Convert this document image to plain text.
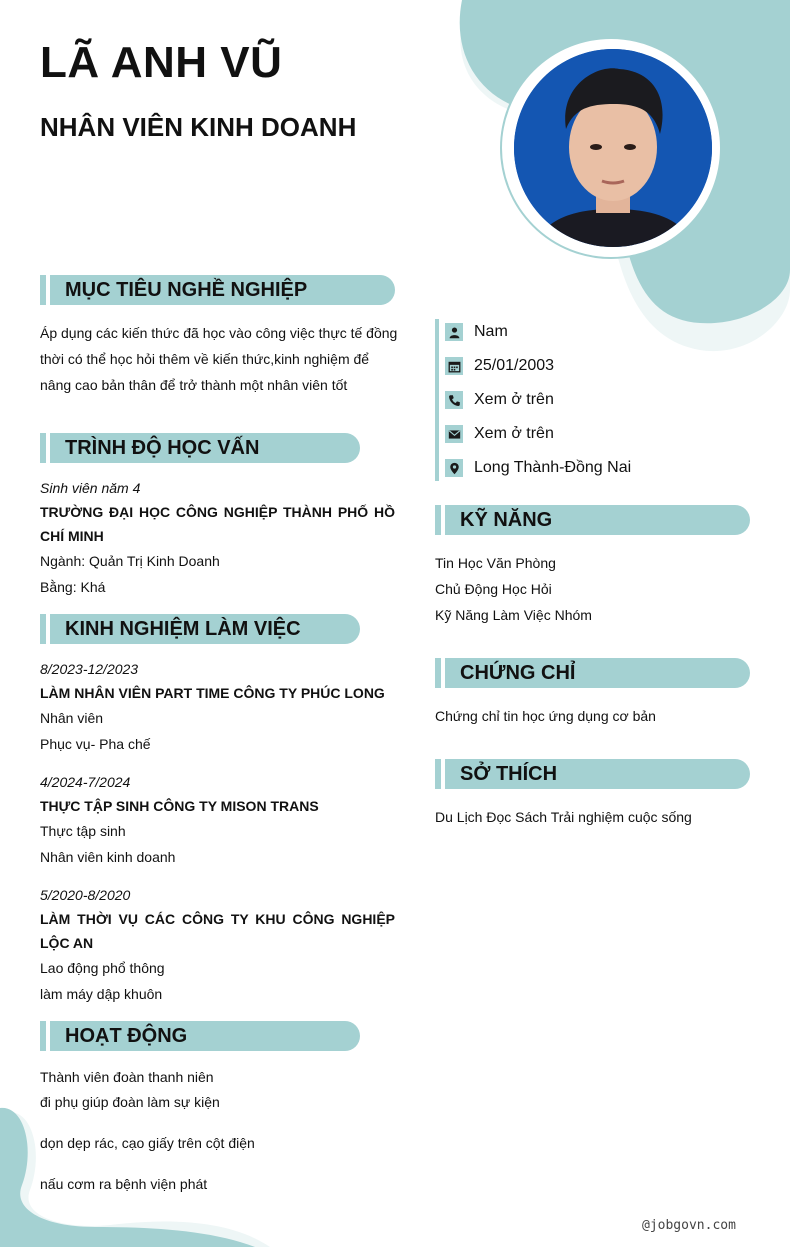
LÃ ANH VŨ
NHÂN VIÊN KINH DOANH
MỤC TIÊU NGHỀ NGHIỆP
Áp dụng các kiến thức đã học vào công việc thực tế đồng
thời có thể học hỏi thêm về kiến thức,kinh nghiệm để
nâng cao bản thân để trở thành một nhân viên tốt
TRÌNH ĐỘ HỌC VẤN
Sinh viên năm 4
TRƯỜNG ĐẠI HỌC CÔNG NGHIỆP THÀNH PHỐ HỒ CHÍ MINH
Ngành: Quản Trị Kinh Doanh
Bằng: Khá
KINH NGHIỆM LÀM VIỆC
8/2023-12/2023
LÀM NHÂN VIÊN PART TIME CÔNG TY PHÚC LONG
Nhân viên
Phục vụ- Pha chế
4/2024-7/2024
THỰC TẬP SINH CÔNG TY MISON TRANS
Thực tập sinh
Nhân viên kinh doanh
5/2020-8/2020
LÀM THỜI VỤ CÁC CÔNG TY KHU CÔNG NGHIỆP LỘC AN
Lao động phổ thông
làm máy dập khuôn
HOẠT ĐỘNG
Thành viên đoàn thanh niên
đi phụ giúp đoàn làm sự kiện
dọn dẹp rác, cạo giấy trên cột điện
nấu cơm ra bệnh viện phát
Nam
25/01/2003
Xem ở trên
Xem ở trên
Long Thành-Đồng Nai
KỸ NĂNG
Tin Học Văn Phòng
Chủ Động Học Hỏi
Kỹ Năng Làm Việc Nhóm
CHỨNG CHỈ
Chứng chỉ tin học ứng dụng cơ bản
SỞ THÍCH
Du Lịch Đọc Sách Trải nghiệm cuộc sống
@jobgovn.com
